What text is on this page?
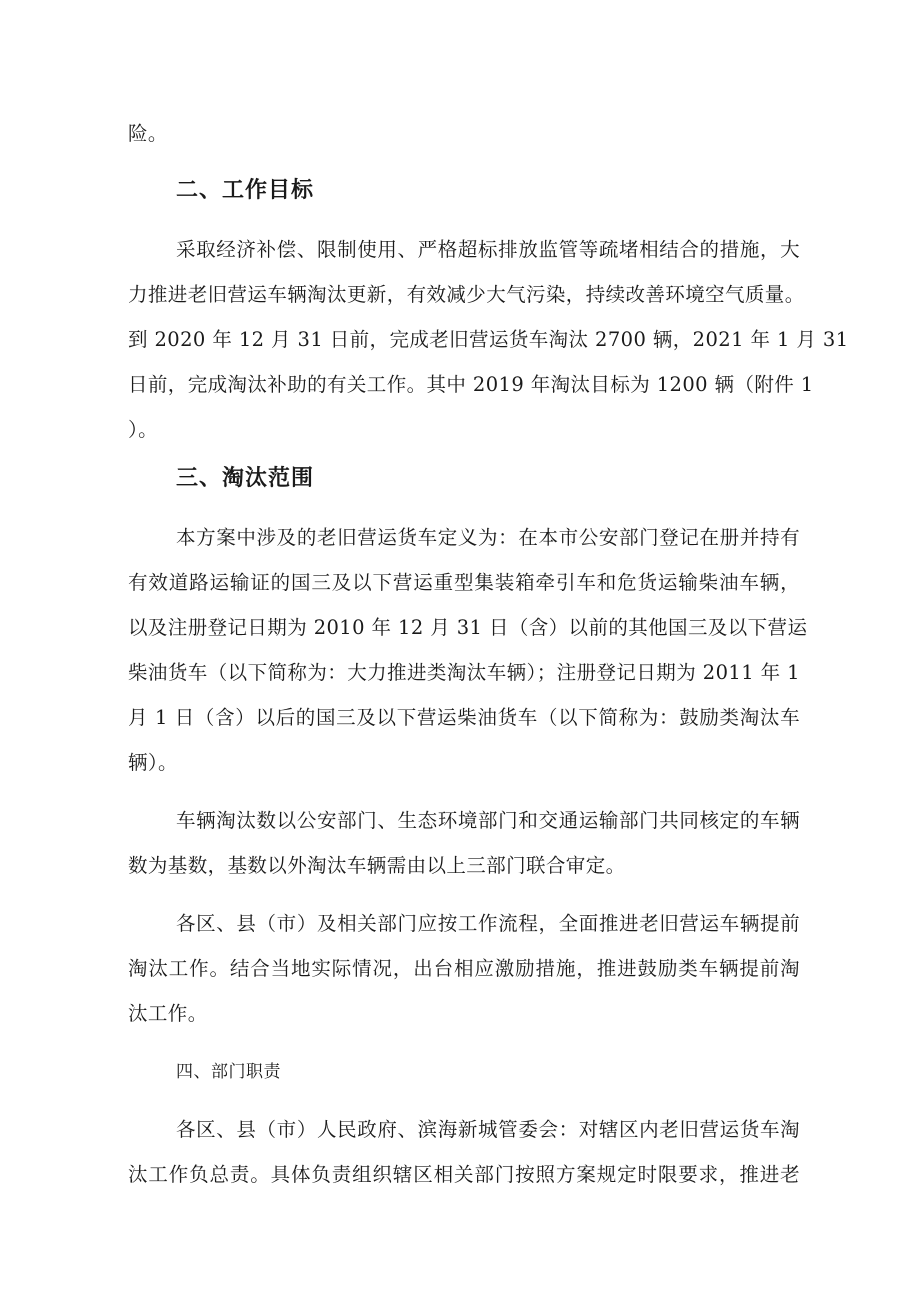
险。
二、工作目标
采取经济补偿、限制使用、严格超标排放监管等疏堵相结合的措施，大
力推进老旧营运车辆淘汰更新，有效减少大气污染，持续改善环境空气质量。
到 2020 年 12 月 31 日前，完成老旧营运货车淘汰 2700 辆，2021 年 1 月 31
日前，完成淘汰补助的有关工作。其中 2019 年淘汰目标为 1200 辆（附件 1
）。
三、淘汰范围
本方案中涉及的老旧营运货车定义为：在本市公安部门登记在册并持有
有效道路运输证的国三及以下营运重型集装箱牵引车和危货运输柴油车辆，
以及注册登记日期为 2010 年 12 月 31 日（含）以前的其他国三及以下营运
柴油货车（以下简称为：大力推进类淘汰车辆）；注册登记日期为 2011 年 1
月 1 日（含）以后的国三及以下营运柴油货车（以下简称为：鼓励类淘汰车
辆）。
车辆淘汰数以公安部门、生态环境部门和交通运输部门共同核定的车辆
数为基数，基数以外淘汰车辆需由以上三部门联合审定。
各区、县（市）及相关部门应按工作流程，全面推进老旧营运车辆提前
淘汰工作。结合当地实际情况，出台相应激励措施，推进鼓励类车辆提前淘
汰工作。
四、部门职责
各区、县（市）人民政府、滨海新城管委会：对辖区内老旧营运货车淘
汰工作负总责。具体负责组织辖区相关部门按照方案规定时限要求，推进老
